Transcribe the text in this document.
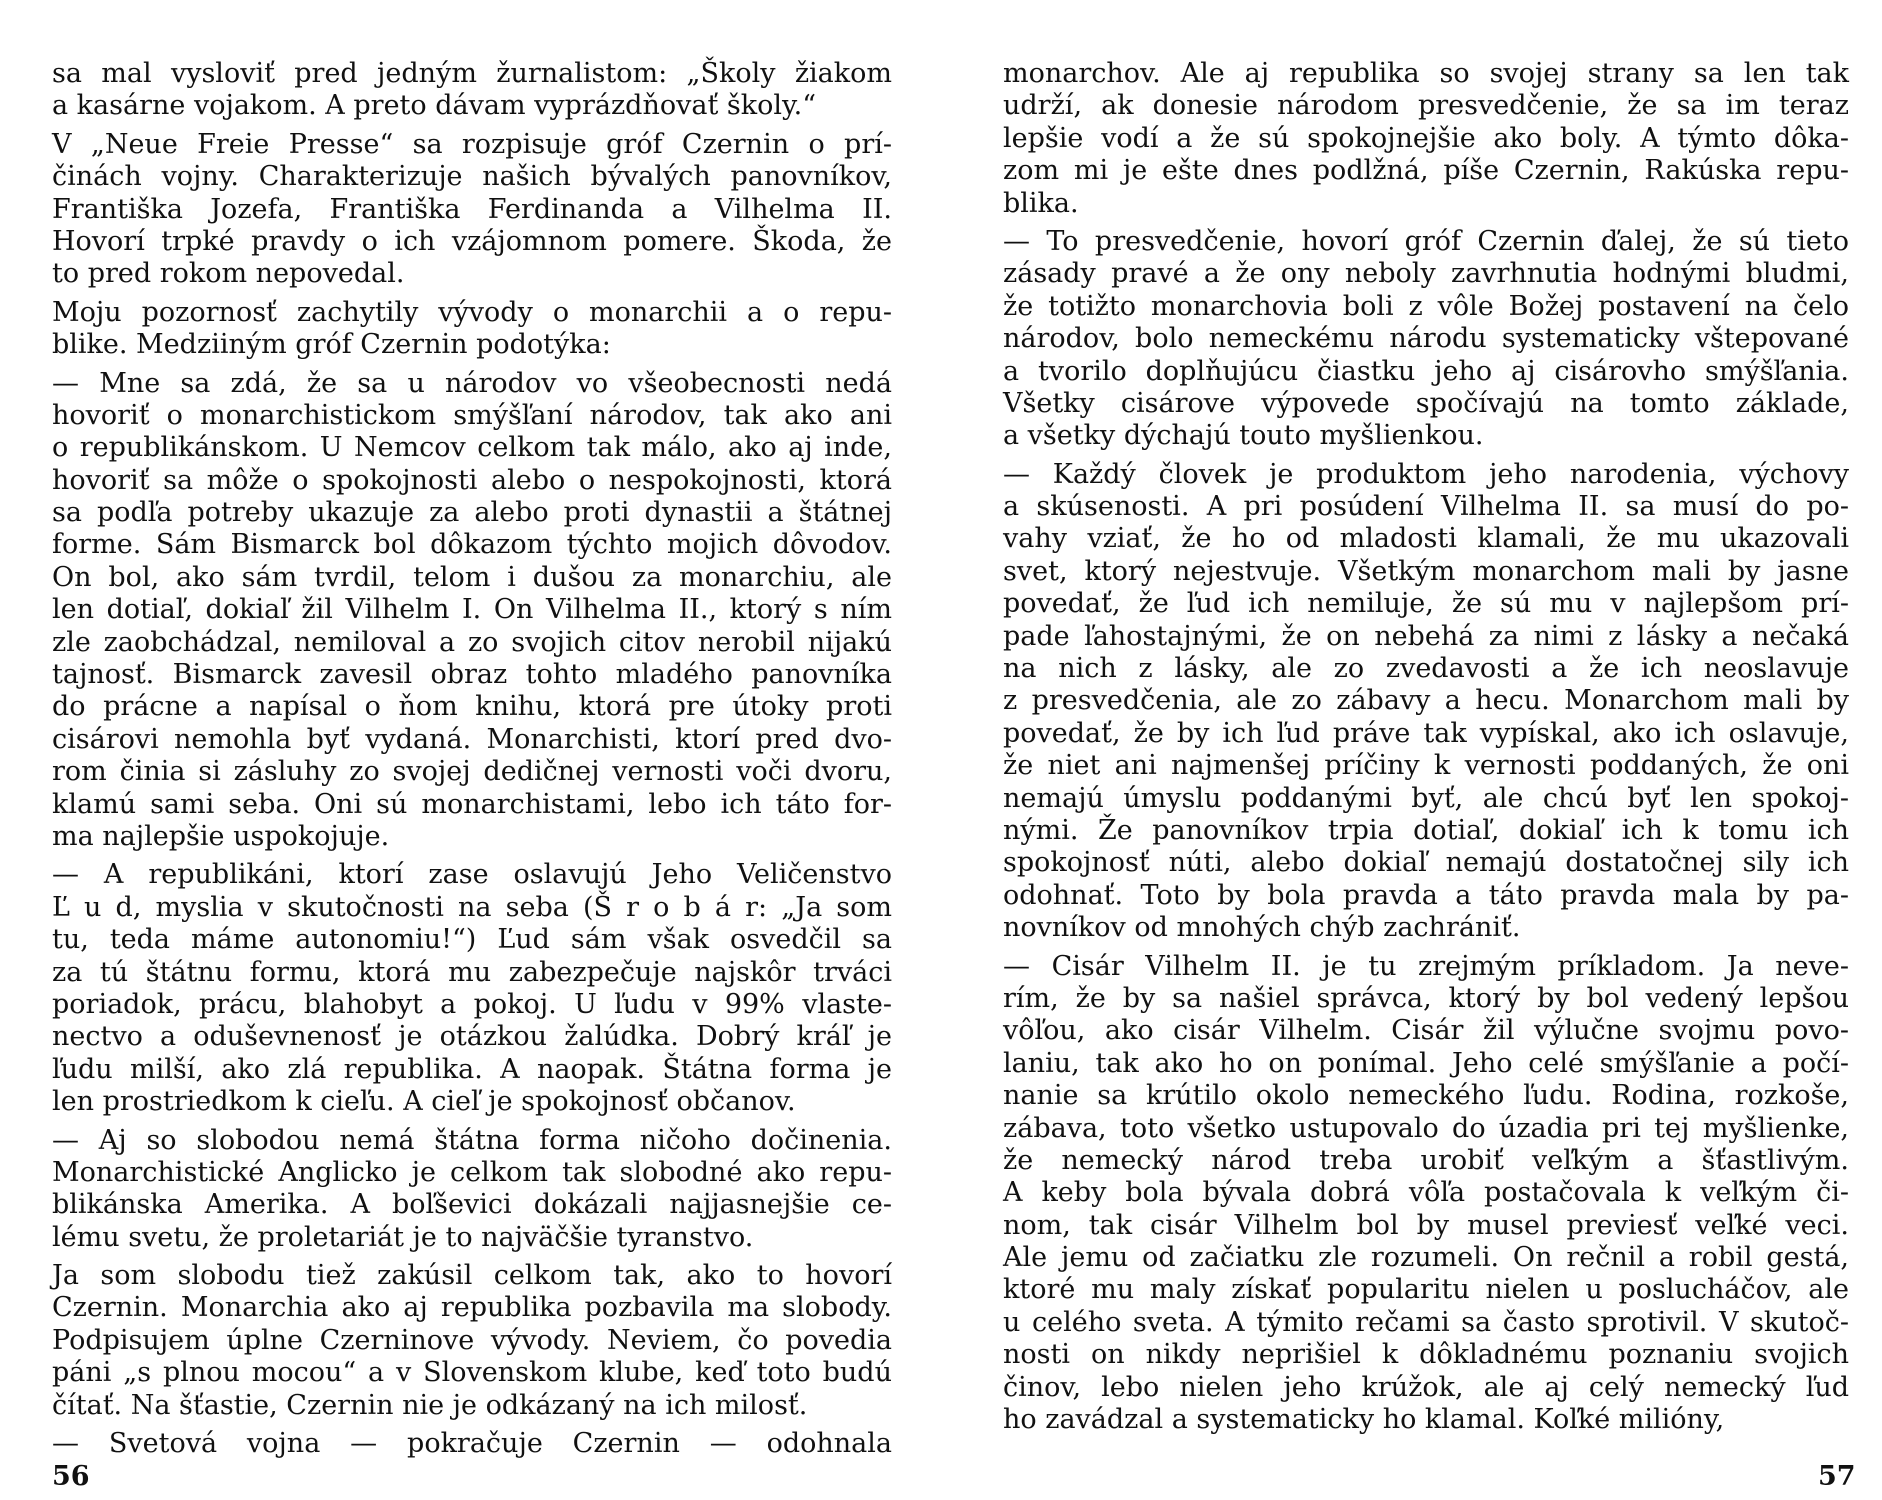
sa mal vysloviť pred jedným žurnalistom: „Školy žiakom
a kasárne vojakom. A preto dávam vyprázdňovať školy.“
V „Neue Freie Presse“ sa rozpisuje gróf Czernin o prí-
činách vojny. Charakterizuje našich bývalých panovníkov,
Františka Jozefa, Františka Ferdinanda a Vilhelma II.
Hovorí trpké pravdy o ich vzájomnom pomere. Škoda, že
to pred rokom nepovedal.
Moju pozornosť zachytily vývody o monarchii a o repu-
blike. Medziiným gróf Czernin podotýka:
— Mne sa zdá, že sa u národov vo všeobecnosti nedá
hovoriť o monarchistickom smýšľaní národov, tak ako ani
o republikánskom. U Nemcov celkom tak málo, ako aj inde,
hovoriť sa môže o spokojnosti alebo o nespokojnosti, ktorá
sa podľa potreby ukazuje za alebo proti dynastii a štátnej
forme. Sám Bismarck bol dôkazom týchto mojich dôvodov.
On bol, ako sám tvrdil, telom i dušou za monarchiu, ale
len dotiaľ, dokiaľ žil Vilhelm I. On Vilhelma II., ktorý s ním
zle zaobchádzal, nemiloval a zo svojich citov nerobil nijakú
tajnosť. Bismarck zavesil obraz tohto mladého panovníka
do prácne a napísal o ňom knihu, ktorá pre útoky proti
cisárovi nemohla byť vydaná. Monarchisti, ktorí pred dvo-
rom činia si zásluhy zo svojej dedičnej vernosti voči dvoru,
klamú sami seba. Oni sú monarchistami, lebo ich táto for-
ma najlepšie uspokojuje.
— A republikáni, ktorí zase oslavujú Jeho Veličenstvo
Ľ u d, myslia v skutočnosti na seba (Š r o b á r: „Ja som
tu, teda máme autonomiu!“) Ľud sám však osvedčil sa
za tú štátnu formu, ktorá mu zabezpečuje najskôr trváci
poriadok, prácu, blahobyt a pokoj. U ľudu v 99% vlaste-
nectvo a oduševnenosť je otázkou žalúdka. Dobrý kráľ je
ľudu milší, ako zlá republika. A naopak. Štátna forma je
len prostriedkom k cieľu. A cieľ je spokojnosť občanov.
— Aj so slobodou nemá štátna forma ničoho dočinenia.
Monarchistické Anglicko je celkom tak slobodné ako repu-
blikánska Amerika. A boľševici dokázali najjasnejšie ce-
lému svetu, že proletariát je to najväčšie tyranstvo.
Ja som slobodu tiež zakúsil celkom tak, ako to hovorí
Czernin. Monarchia ako aj republika pozbavila ma slobody.
Podpisujem úplne Czerninove vývody. Neviem, čo povedia
páni „s plnou mocou“ a v Slovenskom klube, keď toto budú
čítať. Na šťastie, Czernin nie je odkázaný na ich milosť.
— Svetová vojna — pokračuje Czernin — odohnala
56
monarchov. Ale aj republika so svojej strany sa len tak
udrží, ak donesie národom presvedčenie, že sa im teraz
lepšie vodí a že sú spokojnejšie ako boly. A týmto dôka-
zom mi je ešte dnes podlžná, píše Czernin, Rakúska repu-
blika.
— To presvedčenie, hovorí gróf Czernin ďalej, že sú tieto
zásady pravé a že ony neboly zavrhnutia hodnými bludmi,
že totižto monarchovia boli z vôle Božej postavení na čelo
národov, bolo nemeckému národu systematicky vštepované
a tvorilo doplňujúcu čiastku jeho aj cisárovho smýšľania.
Všetky cisárove výpovede spočívajú na tomto základe,
a všetky dýchajú touto myšlienkou.
— Každý človek je produktom jeho narodenia, výchovy
a skúsenosti. A pri posúdení Vilhelma II. sa musí do po-
vahy vziať, že ho od mladosti klamali, že mu ukazovali
svet, ktorý nejestvuje. Všetkým monarchom mali by jasne
povedať, že ľud ich nemiluje, že sú mu v najlepšom prí-
pade ľahostajnými, že on nebehá za nimi z lásky a nečaká
na nich z lásky, ale zo zvedavosti a že ich neoslavuje
z presvedčenia, ale zo zábavy a hecu. Monarchom mali by
povedať, že by ich ľud práve tak vypískal, ako ich oslavuje,
že niet ani najmenšej príčiny k vernosti poddaných, že oni
nemajú úmyslu poddanými byť, ale chcú byť len spokoj-
nými. Že panovníkov trpia dotiaľ, dokiaľ ich k tomu ich
spokojnosť núti, alebo dokiaľ nemajú dostatočnej sily ich
odohnať. Toto by bola pravda a táto pravda mala by pa-
novníkov od mnohých chýb zachrániť.
— Cisár Vilhelm II. je tu zrejmým príkladom. Ja neve-
rím, že by sa našiel správca, ktorý by bol vedený lepšou
vôľou, ako cisár Vilhelm. Cisár žil výlučne svojmu povo-
laniu, tak ako ho on ponímal. Jeho celé smýšľanie a počí-
nanie sa krútilo okolo nemeckého ľudu. Rodina, rozkoše,
zábava, toto všetko ustupovalo do úzadia pri tej myšlienke,
že nemecký národ treba urobiť veľkým a šťastlivým.
A keby bola bývala dobrá vôľa postačovala k veľkým či-
nom, tak cisár Vilhelm bol by musel previesť veľké veci.
Ale jemu od začiatku zle rozumeli. On rečnil a robil gestá,
ktoré mu maly získať popularitu nielen u poslucháčov, ale
u celého sveta. A týmito rečami sa často sprotivil. V skutoč-
nosti on nikdy neprišiel k dôkladnému poznaniu svojich
činov, lebo nielen jeho krúžok, ale aj celý nemecký ľud
ho zavádzal a systematicky ho klamal. Koľké milióny,
57
